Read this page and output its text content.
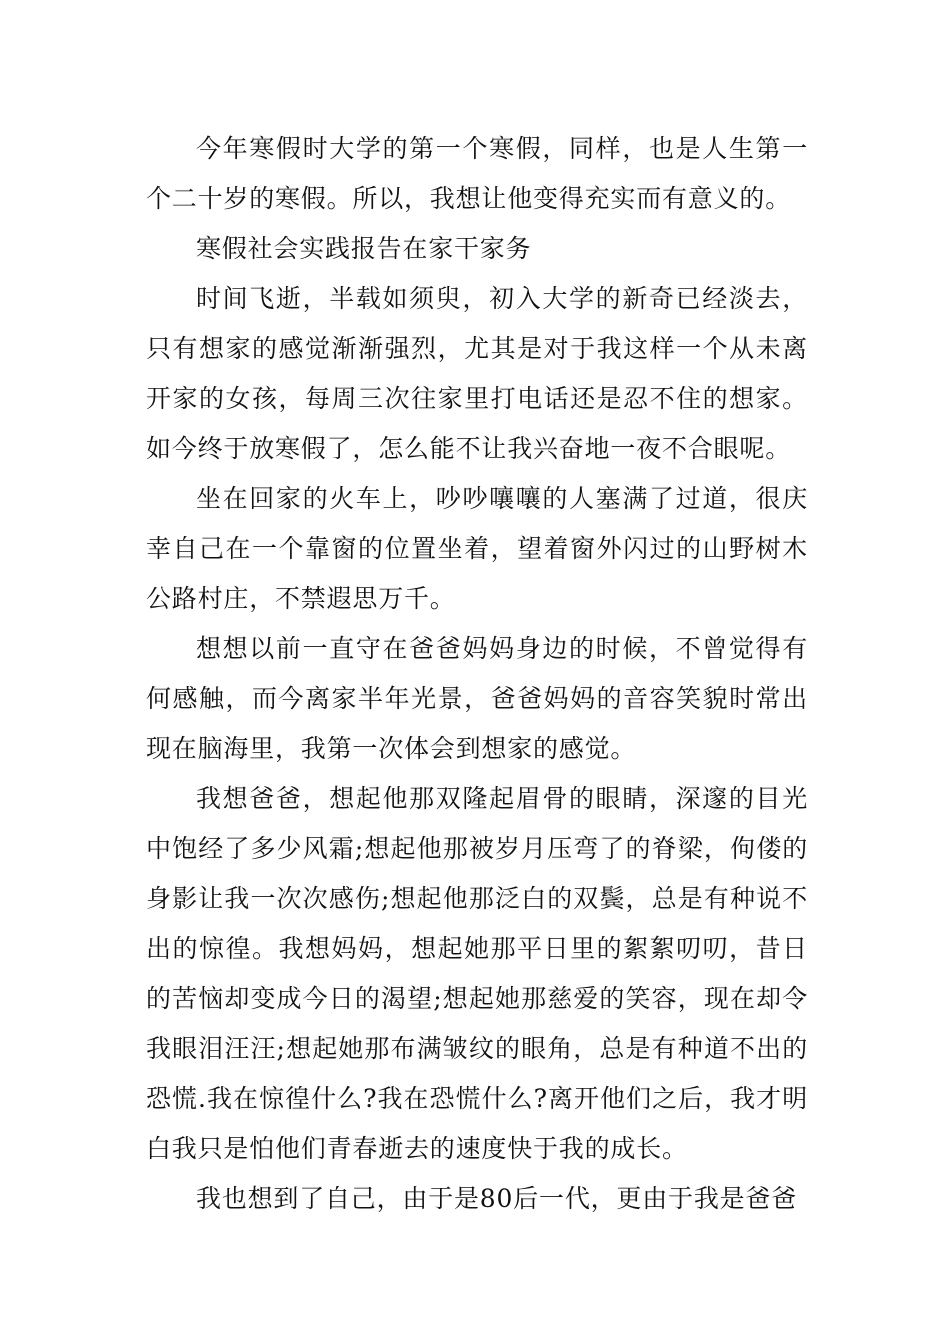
今年寒假时大学的第一个寒假，同样，也是人生第一个二十岁的寒假。所以，我想让他变得充实而有意义的。

寒假社会实践报告在家干家务

时间飞逝，半载如须臾，初入大学的新奇已经淡去，只有想家的感觉渐渐强烈，尤其是对于我这样一个从未离开家的女孩，每周三次往家里打电话还是忍不住的想家。如今终于放寒假了，怎么能不让我兴奋地一夜不合眼呢。

坐在回家的火车上，吵吵嚷嚷的人塞满了过道，很庆幸自己在一个靠窗的位置坐着，望着窗外闪过的山野树木公路村庄，不禁遐思万千。

想想以前一直守在爸爸妈妈身边的时候，不曾觉得有何感触，而今离家半年光景，爸爸妈妈的音容笑貌时常出现在脑海里，我第一次体会到想家的感觉。

我想爸爸，想起他那双隆起眉骨的眼睛，深邃的目光中饱经了多少风霜;想起他那被岁月压弯了的脊梁，佝偻的身影让我一次次感伤;想起他那泛白的双鬓，总是有种说不出的惊徨。我想妈妈，想起她那平日里的絮絮叨叨，昔日的苦恼却变成今日的渴望;想起她那慈爱的笑容，现在却令我眼泪汪汪;想起她那布满皱纹的眼角，总是有种道不出的恐慌.我在惊徨什么?我在恐慌什么?离开他们之后，我才明白我只是怕他们青春逝去的速度快于我的成长。

我也想到了自己，由于是80后一代，更由于我是爸爸
